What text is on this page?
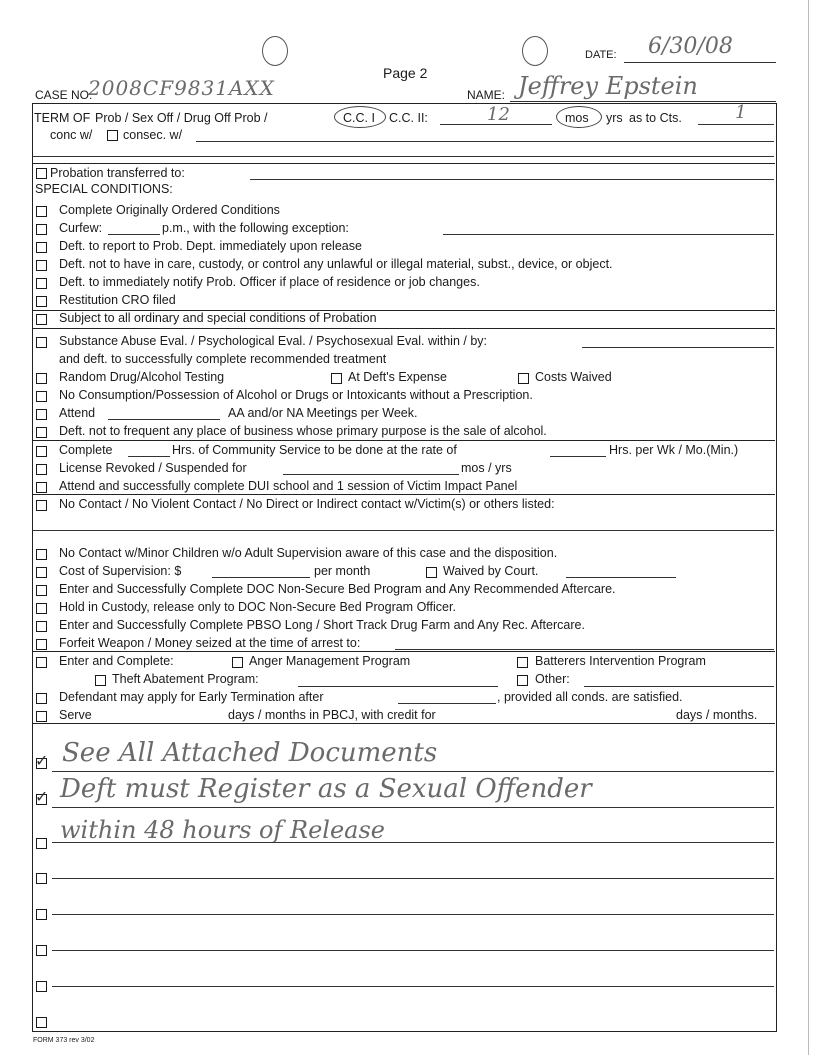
Page 2
DATE: 6/30/08
CASE NO.
2008CF9831AXX	NAME: Jeffrey Epstein
TERM OF Prob / Sex Off / Drug Off Prob /	C.C. I C.C. II:	12	mos yrs as to Cts.	1
conc w/ consec. w/
Probation transferred to:
SPECIAL CONDITIONS:
Complete Originally Ordered Conditions
Curfew:	p.m., with the following exception:
Deft. to report to Prob. Dept. immediately upon release
Deft. not to have in care, custody, or control any unlawful or illegal material, subst., device, or object.
Deft. to immediately notify Prob. Officer if place of residence or job changes.
Restitution CRO filed
Subject to all ordinary and special conditions of Probation
Substance Abuse Eval. / Psychological Eval. / Psychosexual Eval. within / by:
and deft. to successfully complete recommended treatment
Random Drug/Alcohol Testing	At Deft's Expense	Costs Waived
No Consumption/Possession of Alcohol or Drugs or Intoxicants without a Prescription.
Attend	AA and/or NA Meetings per Week.
Deft. not to frequent any place of business whose primary purpose is the sale of alcohol.
Complete	Hrs. of Community Service to be done at the rate of	Hrs. per Wk / Mo.(Min.)
License Revoked / Suspended for	mos / yrs
Attend and successfully complete DUI school and 1 session of Victim Impact Panel
No Contact / No Violent Contact / No Direct or Indirect contact w/Victim(s) or others listed:
No Contact w/Minor Children w/o Adult Supervision aware of this case and the disposition.
Cost of Supervision: $	per month	Waived by Court.
Enter and Successfully Complete DOC Non-Secure Bed Program and Any Recommended Aftercare.
Hold in Custody, release only to DOC Non-Secure Bed Program Officer.
Enter and Successfully Complete PBSO Long / Short Track Drug Farm and Any Rec. Aftercare.
Forfeit Weapon / Money seized at the time of arrest to:
Enter and Complete:	Anger Management Program	Batterers Intervention Program
Theft Abatement Program:	Other:
Defendant may apply for Early Termination after	, provided all conds. are satisfied.
Serve	days / months in PBCJ, with credit for	days / months.
✓
See All Attached Documents
✓
Deft must Register as a Sexual Offender
within 48 hours of Release
FORM 373 rev 3/02
